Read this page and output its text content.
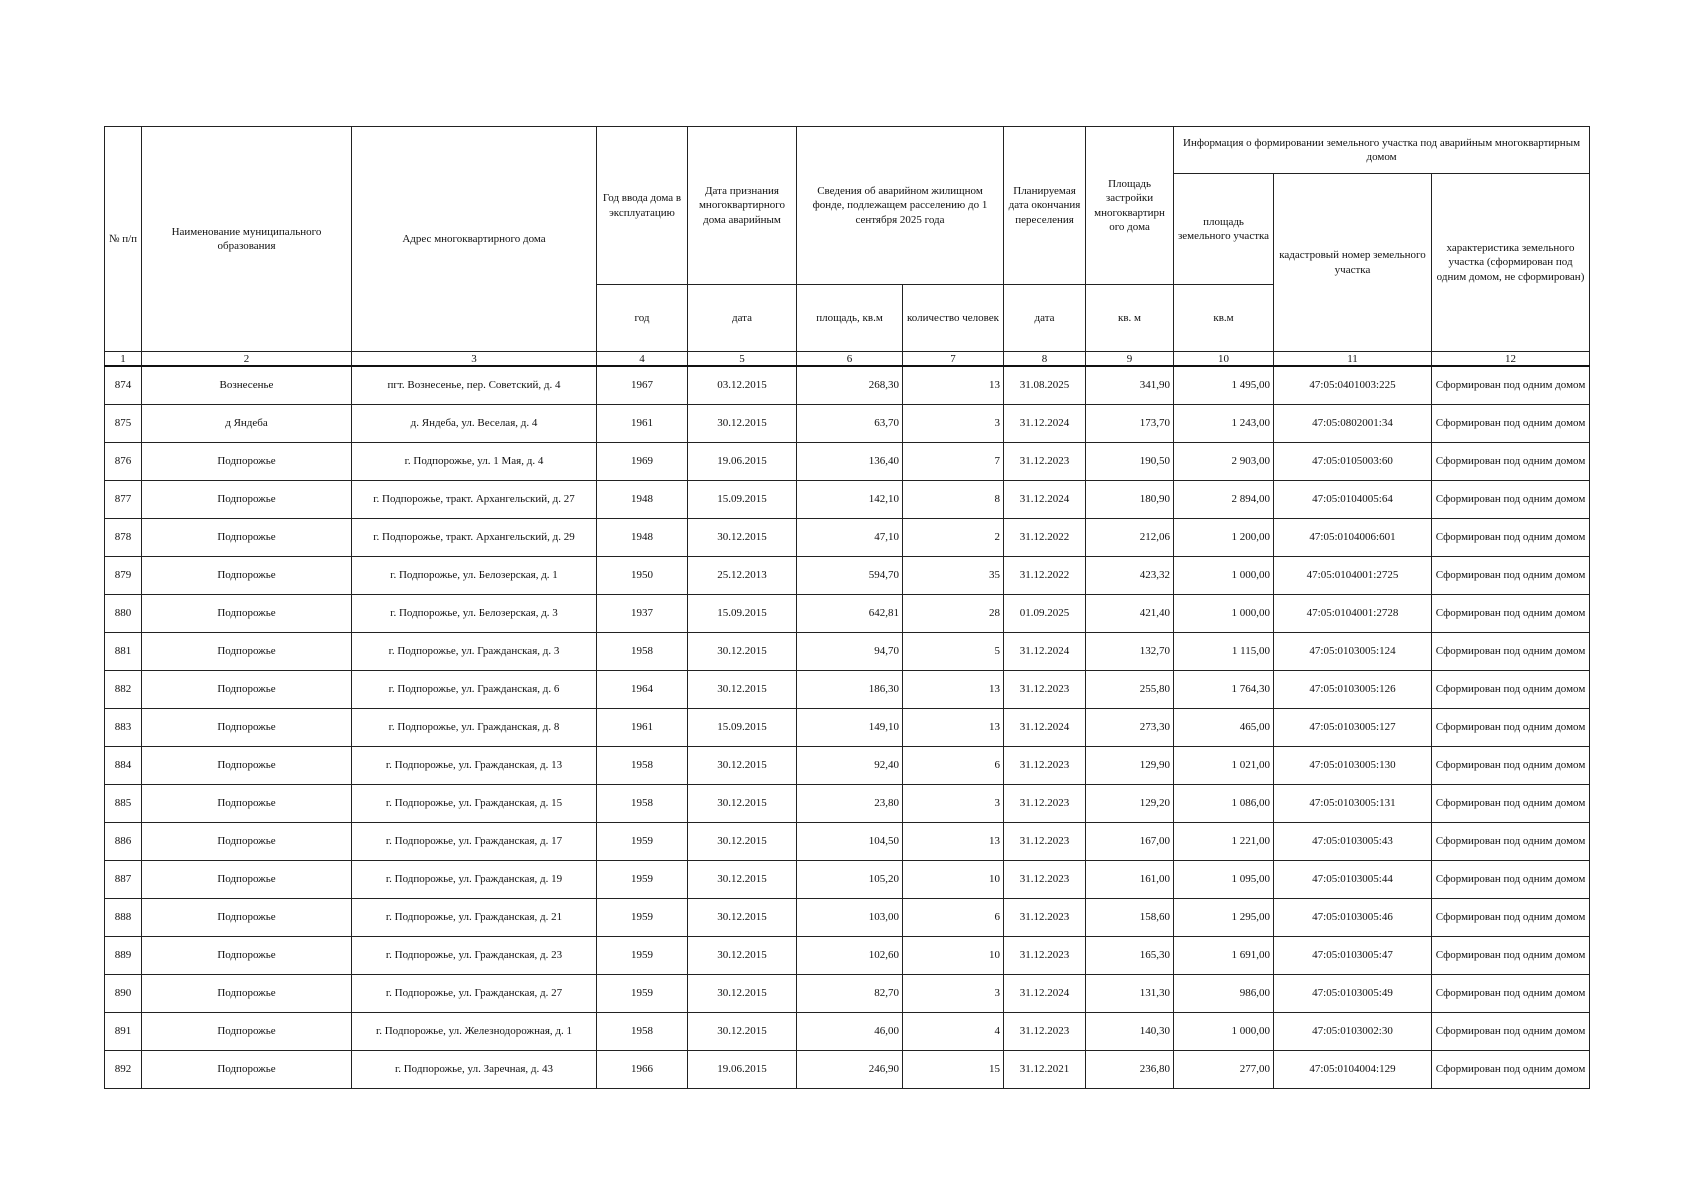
№ п/п	Наименование муниципального образования	Адрес многоквартирного дома	Год ввода дома в эксплуатацию	Дата признания многоквартирного дома аварийным	Сведения об аварийном жилищном фонде, подлежащем расселению до 1 сентября 2025 года		Планируемая дата окончания переселения	Площадь застройки многоквартирн ого дома	Информация о формировании земельного участка под аварийным многоквартирным домом		
									площадь земельного участка	кадастровый номер земельного участка	характеристика земельного участка (сформирован под одним домом, не сформирован)
			год	дата	площадь, кв.м	количество человек	дата	кв. м	кв.м		
1	2	3	4	5	6	7	8	9	10	11	12
874	Вознесенье	пгт. Вознесенье, пер. Советский, д. 4	1967	03.12.2015	268,30	13	31.08.2025	341,90	1 495,00	47:05:0401003:225	Сформирован под одним домом
875	д Яндеба	д. Яндеба, ул. Веселая, д. 4	1961	30.12.2015	63,70	3	31.12.2024	173,70	1 243,00	47:05:0802001:34	Сформирован под одним домом
876	Подпорожье	г. Подпорожье, ул. 1 Мая, д. 4	1969	19.06.2015	136,40	7	31.12.2023	190,50	2 903,00	47:05:0105003:60	Сформирован под одним домом
877	Подпорожье	г. Подпорожье, тракт. Архангельский, д. 27	1948	15.09.2015	142,10	8	31.12.2024	180,90	2 894,00	47:05:0104005:64	Сформирован под одним домом
878	Подпорожье	г. Подпорожье, тракт. Архангельский, д. 29	1948	30.12.2015	47,10	2	31.12.2022	212,06	1 200,00	47:05:0104006:601	Сформирован под одним домом
879	Подпорожье	г. Подпорожье, ул. Белозерская, д. 1	1950	25.12.2013	594,70	35	31.12.2022	423,32	1 000,00	47:05:0104001:2725	Сформирован под одним домом
880	Подпорожье	г. Подпорожье, ул. Белозерская, д. 3	1937	15.09.2015	642,81	28	01.09.2025	421,40	1 000,00	47:05:0104001:2728	Сформирован под одним домом
881	Подпорожье	г. Подпорожье, ул. Гражданская, д. 3	1958	30.12.2015	94,70	5	31.12.2024	132,70	1 115,00	47:05:0103005:124	Сформирован под одним домом
882	Подпорожье	г. Подпорожье, ул. Гражданская, д. 6	1964	30.12.2015	186,30	13	31.12.2023	255,80	1 764,30	47:05:0103005:126	Сформирован под одним домом
883	Подпорожье	г. Подпорожье, ул. Гражданская, д. 8	1961	15.09.2015	149,10	13	31.12.2024	273,30	465,00	47:05:0103005:127	Сформирован под одним домом
884	Подпорожье	г. Подпорожье, ул. Гражданская, д. 13	1958	30.12.2015	92,40	6	31.12.2023	129,90	1 021,00	47:05:0103005:130	Сформирован под одним домом
885	Подпорожье	г. Подпорожье, ул. Гражданская, д. 15	1958	30.12.2015	23,80	3	31.12.2023	129,20	1 086,00	47:05:0103005:131	Сформирован под одним домом
886	Подпорожье	г. Подпорожье, ул. Гражданская, д. 17	1959	30.12.2015	104,50	13	31.12.2023	167,00	1 221,00	47:05:0103005:43	Сформирован под одним домом
887	Подпорожье	г. Подпорожье, ул. Гражданская, д. 19	1959	30.12.2015	105,20	10	31.12.2023	161,00	1 095,00	47:05:0103005:44	Сформирован под одним домом
888	Подпорожье	г. Подпорожье, ул. Гражданская, д. 21	1959	30.12.2015	103,00	6	31.12.2023	158,60	1 295,00	47:05:0103005:46	Сформирован под одним домом
889	Подпорожье	г. Подпорожье, ул. Гражданская, д. 23	1959	30.12.2015	102,60	10	31.12.2023	165,30	1 691,00	47:05:0103005:47	Сформирован под одним домом
890	Подпорожье	г. Подпорожье, ул. Гражданская, д. 27	1959	30.12.2015	82,70	3	31.12.2024	131,30	986,00	47:05:0103005:49	Сформирован под одним домом
891	Подпорожье	г. Подпорожье, ул. Железнодорожная, д. 1	1958	30.12.2015	46,00	4	31.12.2023	140,30	1 000,00	47:05:0103002:30	Сформирован под одним домом
892	Подпорожье	г. Подпорожье, ул. Заречная, д. 43	1966	19.06.2015	246,90	15	31.12.2021	236,80	277,00	47:05:0104004:129	Сформирован под одним домом
